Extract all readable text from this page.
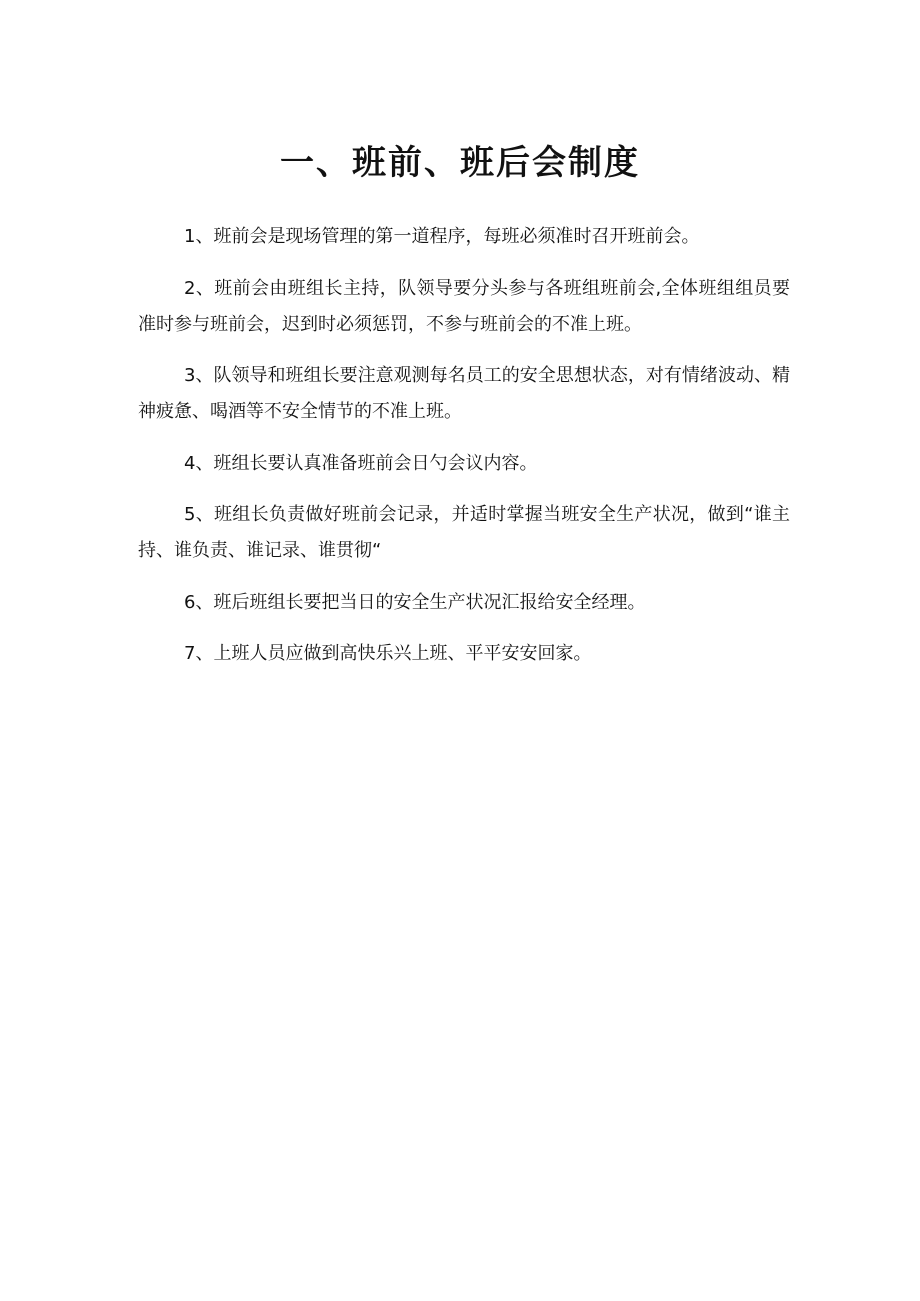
一、班前、班后会制度

1、班前会是现场管理的第一道程序，每班必须准时召开班前会。

2、班前会由班组长主持，队领导要分头参与各班组班前会,全体班组组员要准时参与班前会，迟到时必须惩罚，不参与班前会的不准上班。

3、队领导和班组长要注意观测每名员工的安全思想状态，对有情绪波动、精神疲惫、喝酒等不安全情节的不准上班。

4、班组长要认真准备班前会日勺会议内容。

5、班组长负责做好班前会记录，并适时掌握当班安全生产状况，做到“谁主持、谁负责、谁记录、谁贯彻“

6、班后班组长要把当日的安全生产状况汇报给安全经理。

7、上班人员应做到高快乐兴上班、平平安安回家。
